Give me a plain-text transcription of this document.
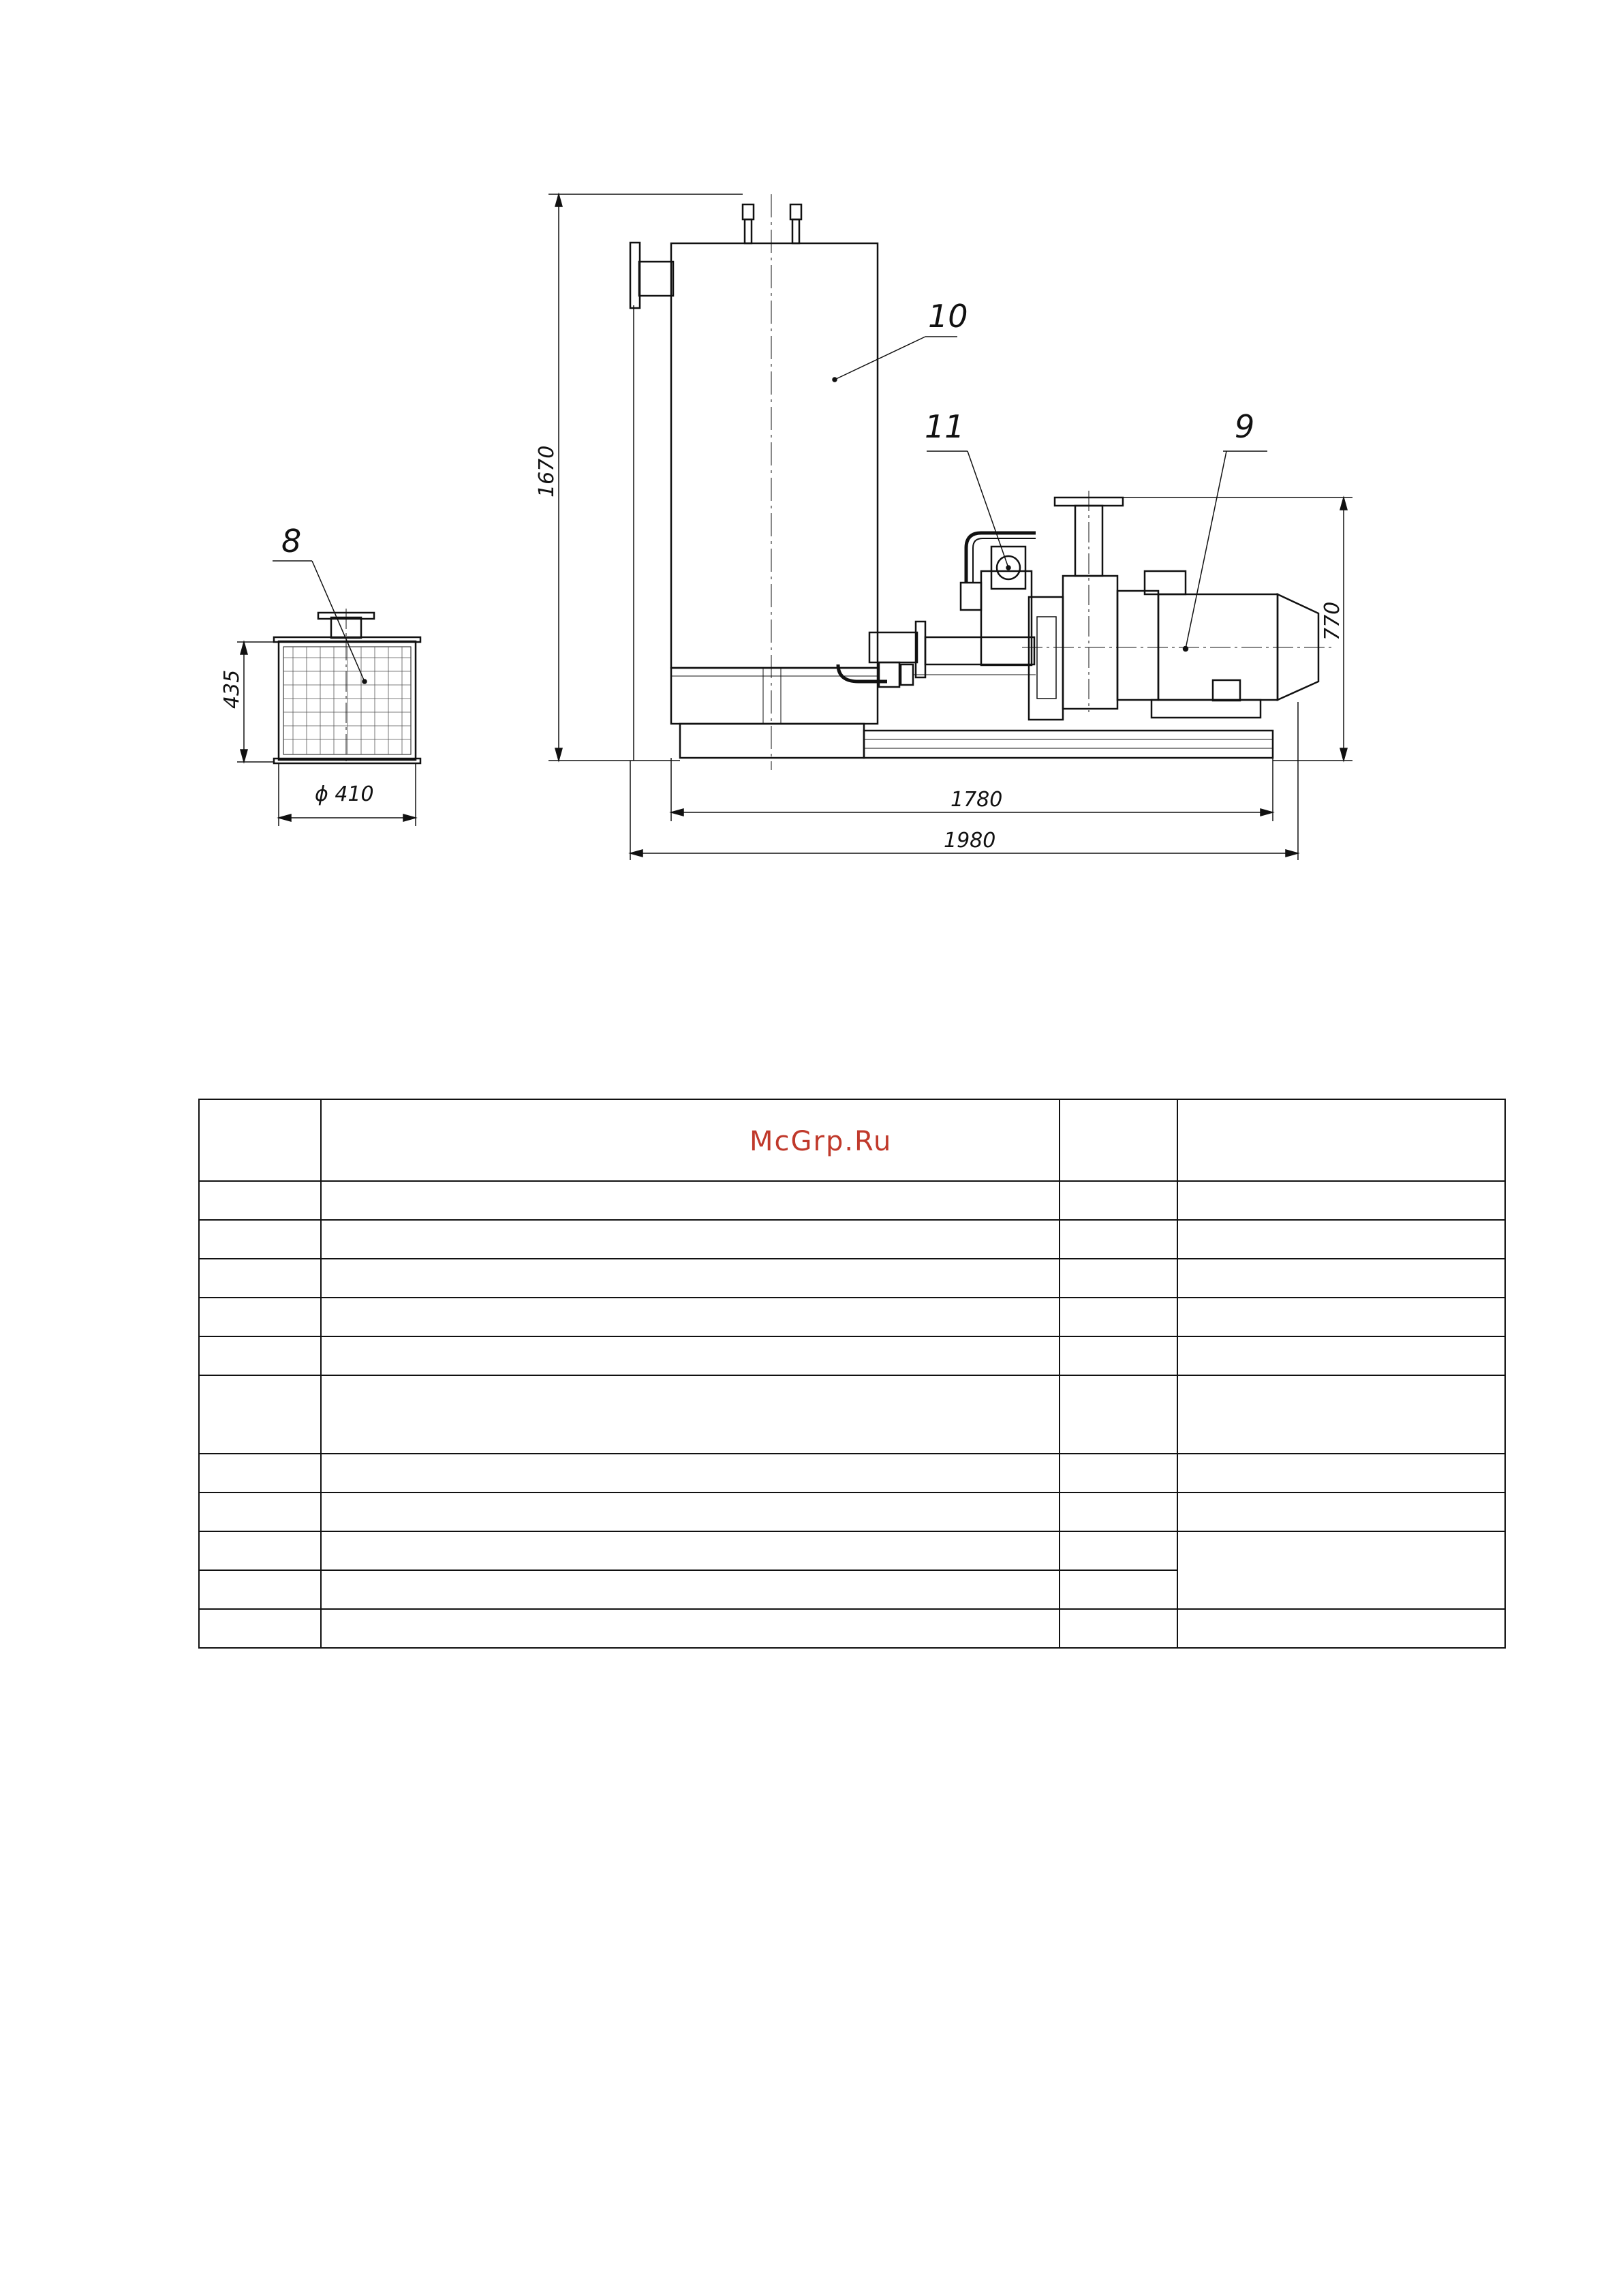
1670
770
1780
1980
435
ϕ 410
8
9
10
11
McGrp.Ru
